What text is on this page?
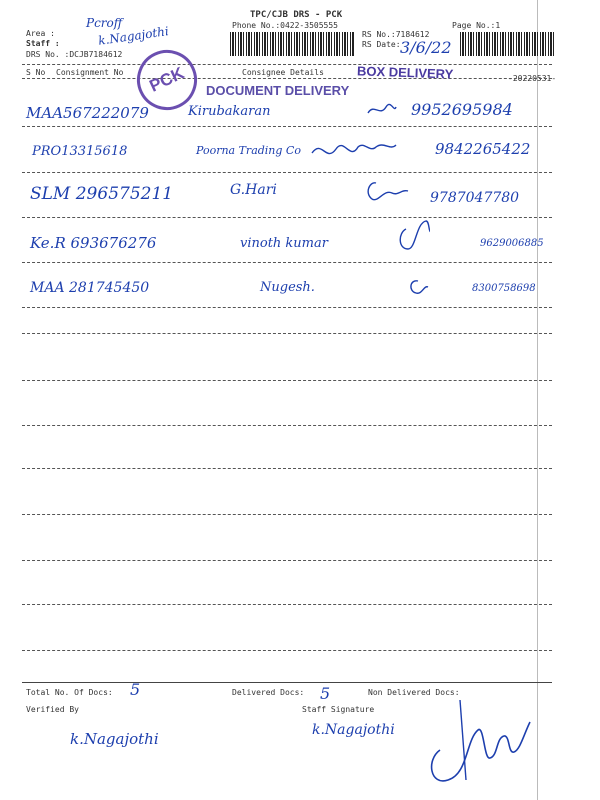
TPC/CJB DRS - PCK
Phone No.:0422-3505555	Page No.:1
Area :
Staff :
DRS No. :DCJB7184612
Pcroff
k.Nagajothi	RS No.:7184612
RS Date: 3/6/22
S No Consignment No	Consignee Details
-20220531-
PCK	BOX DELIVERY
DOCUMENT DELIVERY
MAA567222079	Kirubakaran	9952695984
PRO13315618	Poorna Trading Co	9842265422
SLM 296575211	G.Hari	9787047780
Ke.R 693676276	vinoth kumar	9629006885
MAA 281745450	Nugesh.	8300758698
Total No. Of Docs: 5	Delivered Docs: 5	Non Delivered Docs:
Verified By	Staff Signature
k.Nagajothi	k.Nagajothi
